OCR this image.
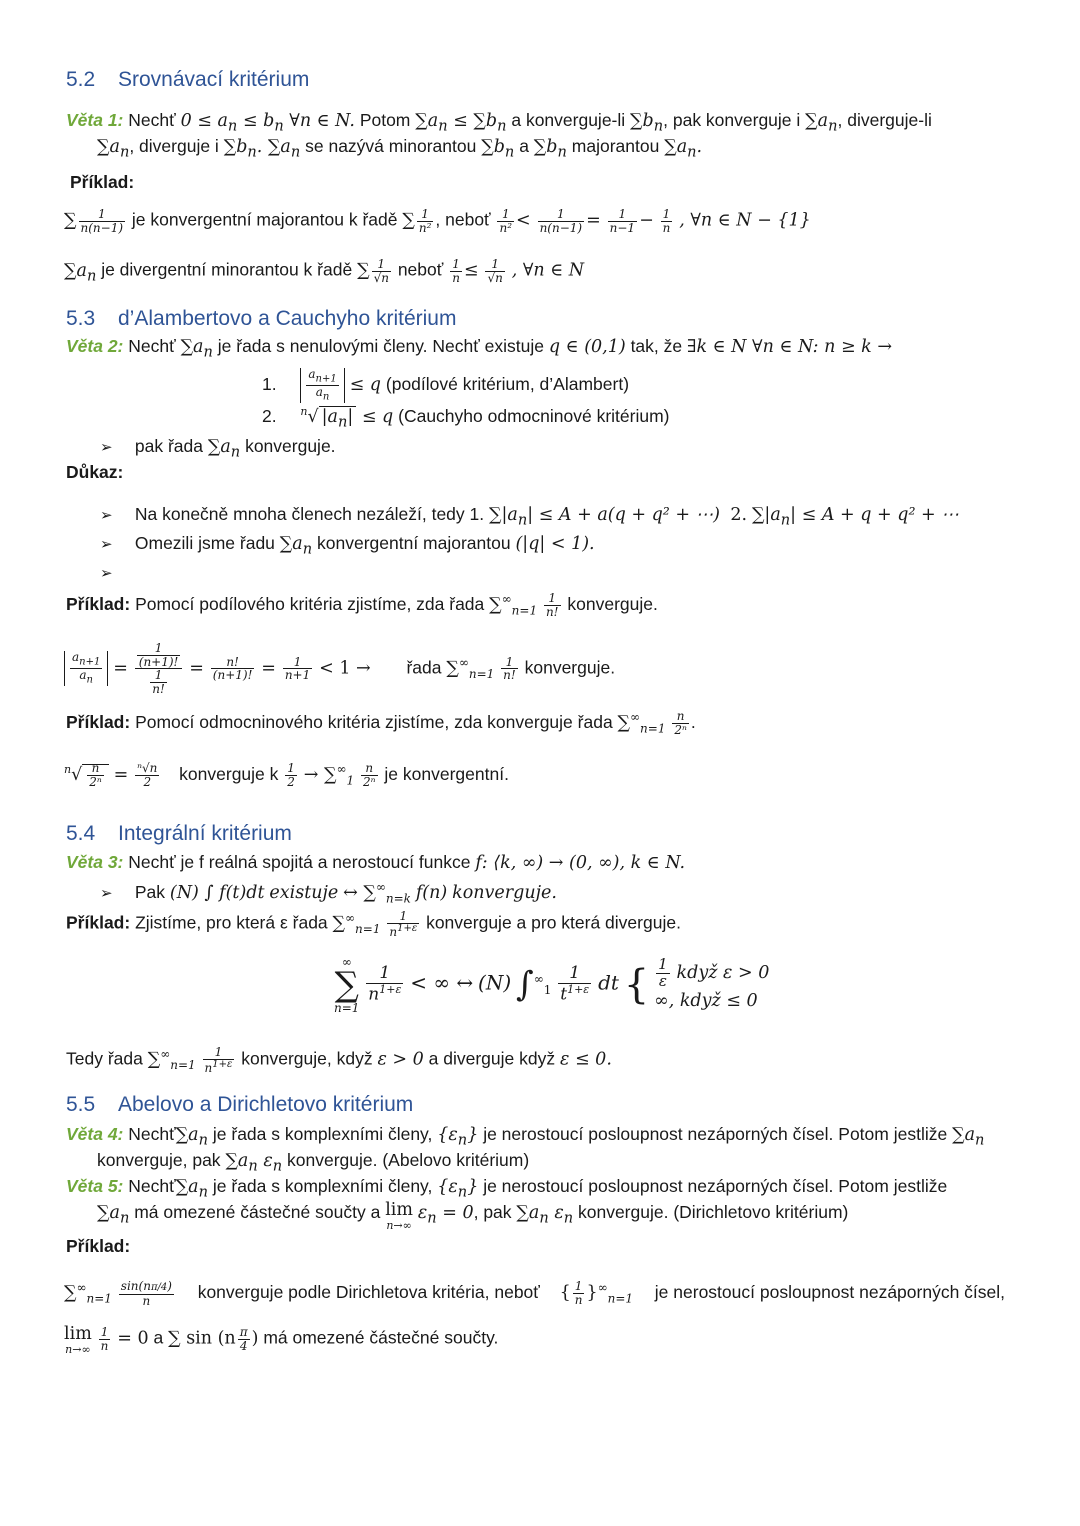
5.2 Srovnávací kritérium
Věta 1: Nechť $0 \le a_n \le b_n$ ∀n ∈ N. Potom $\sum a_n \le \sum b_n$ a konverguje-li $\sum b_n$, pak konverguje i $\sum a_n$, diverguje-li
$\sum a_n$, diverguje i $\sum b_n$. $\sum a_n$ se nazývá minorantou $\sum b_n$ a $\sum b_n$ majorantou $\sum a_n$.
Příklad:
∑ $\frac{1}{n(n-1)}$ je konvergentní majorantou k řadě ∑ $\frac{1}{\text{n²}}$ , neboť $\frac{1}{\text{n²}} < \frac{1}{n(n-1)} = \frac{1}{n-1} - \frac{1}{n}$ , ∀n ∈ N − {1}
$\sum a_n$ je divergentní minorantou k řadě ∑ $\frac{1}{√n}$ neboť $\frac{1}{n} \le \frac{1}{√n}$ , ∀n ∈ N
5.3 d’Alambertovo a Cauchyho kritérium
Věta 2: Nechť $\sum a_n$ je řada s nenulovými členy. Nechť existuje q ∈ (0,1) tak, že ∃k ∈ N ∀n ∈ N: n ≥ k →
1. $\frac{a_{n+1}}{a_n} \le q$ (podílové kritérium, d’Alambert)
2. $^n$√ $|a_n| \le q$ (Cauchyho odmocninové kritérium)
➢ pak řada $\sum a_n$ konverguje.
Důkaz:
➢ Na konečně mnoha členech nezáleží, tedy 1. $\sum|a_n| \le A + a(q + q^2$ + ⋯)  2. $\sum|a_n| \le A + q + q^2$ + ⋯
➢ Omezili jsme řadu $\sum a_n$ konvergentní majorantou (|q| < 1).
➢
Příklad: Pomocí podílového kritéria zjistíme, zda řada $\sum^\infty_{n=1} \frac{1}{n!}$ konverguje.
$\frac{a_{n+1}}{a_n} = \frac{\frac{1}{(n+1)!}}{\frac{1}{n!}} = \frac{n!}{(n+1)!} = \frac{1}{n+1} < 1$ → řada $\sum^\infty_{n=1} \frac{1}{n!}$ konverguje.
Příklad: Pomocí odmocninového kritéria zjistíme, zda konverguje řada $\sum^\infty_{n=1} \frac{n}{\text{2ⁿ}}$ .
$^n√ \frac{n}{\text{2ⁿ}} = \frac{\text{ⁿ√n}}{2}$ konverguje k $\frac{1}{2} \to \sum^\infty_1 \frac{n}{\text{2ⁿ}}$ je konvergentní.
5.4 Integrální kritérium
Věta 3: Nechť je f reálná spojitá a nerostoucí funkce f: ⟨k, ∞) → (0, ∞), k ∈ N.
➢ Pak (N) ∫ f(t)dt existuje ↔ $\sum^\infty_{n=k}$ f(n) konverguje.
Příklad: Zjistíme, pro která ε řada $\sum^\infty_{n=1} \frac{1}{n^{1+\varepsilon}}$ konverguje a pro která diverguje.
∞
∑
n=1

$\frac{1}{n^{1+\varepsilon}}$ < ∞ ↔ (N) $\int^\infty_1 \frac{1}{t^{1+\varepsilon}}$ dt { $\frac{1}{\varepsilon}$ když ε > 0
∞, když ≤ 0
Tedy řada $\sum^\infty_{n=1} \frac{1}{n^{1+\varepsilon}}$ konverguje, když ε > 0 a diverguje když ε ≤ 0.
5.5 Abelovo a Dirichletovo kritérium
Věta 4: $Nechť\sum a_n$ je řada s komplexními členy, $\{\varepsilon_n\}$ je nerostoucí posloupnost nezáporných čísel. Potom jestliže $\sum a_n$
konverguje, pak $\sum a_n$ $\varepsilon_n$ konverguje. (Abelovo kritérium)
Věta 5: $Nechť\sum a_n$ je řada s komplexními členy, $\{\varepsilon_n\}$ je nerostoucí posloupnost nezáporných čísel. Potom jestliže
$\sum a_n$ má omezené částečné součty a lim
n→∞
$\varepsilon_n = 0$, pak $\sum a_n$ $\varepsilon_n$ konverguje. (Dirichletovo kritérium)
Příklad:
$\sum^\infty_{n=1} \frac{\sin(n\pi/4)}{n}$ konverguje podle Dirichletova kritéria, neboť { $\frac{1}{n} \}^\infty_{n=1}$ je nerostoucí posloupnost nezáporných čísel,
lim
n→∞
$\frac{1}{n} = 0$ a ∑ $\sin (n \frac{\pi}{4}$ ) má omezené částečné součty.
